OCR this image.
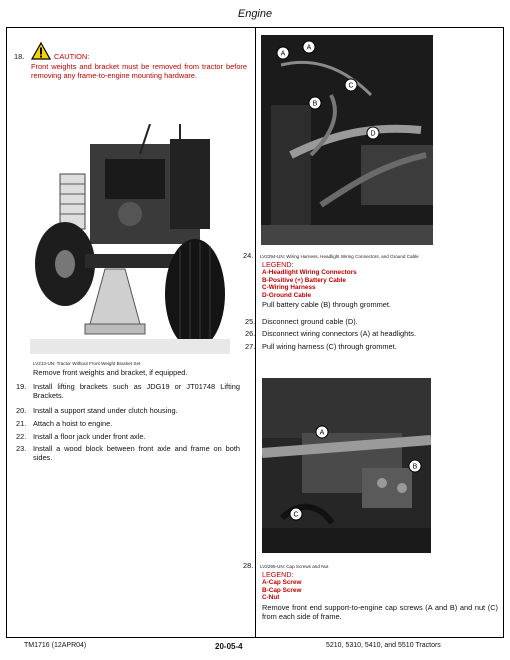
Engine
18.	CAUTION:
Front weights and bracket must be removed from tractor before removing any frame-to-engine mounting hardware.
LV213-UN: Tractor Without Front Weight Bracket Set
Remove front weights and bracket, if equipped.
19. Install lifting brackets such as JDG19 or JT01748 Lifting Brackets.
20. Install a support stand under clutch housing.
21. Attach a hoist to engine.
22. Install a floor jack under front axle.
23. Install a wood block between front axle and frame on both sides.
A
A
B
C
D
24.	LV2294-UN: Wiring Harness, Headlight Wiring Connectors, and Ground Cable
LEGEND:
A-Headlight Wiring Connectors
B-Positive (+) Battery Cable
C-Wiring Harness
D-Ground Cable
Pull battery cable (B) through grommet.
25. Disconnect ground cable (D).
26. Disconnect wiring connectors (A) at headlights.
27. Pull wiring harness (C) through grommet.
A
B
C
28.	LV2295-UN: Cap Screws and Nut
LEGEND:
A-Cap Screw
B-Cap Screw
C-Nut
Remove front end support-to-engine cap screws (A and B) and nut (C) from each side of frame.
TM1716 (12APR04)	20-05-4	5210, 5310, 5410, and 5510 Tractors
